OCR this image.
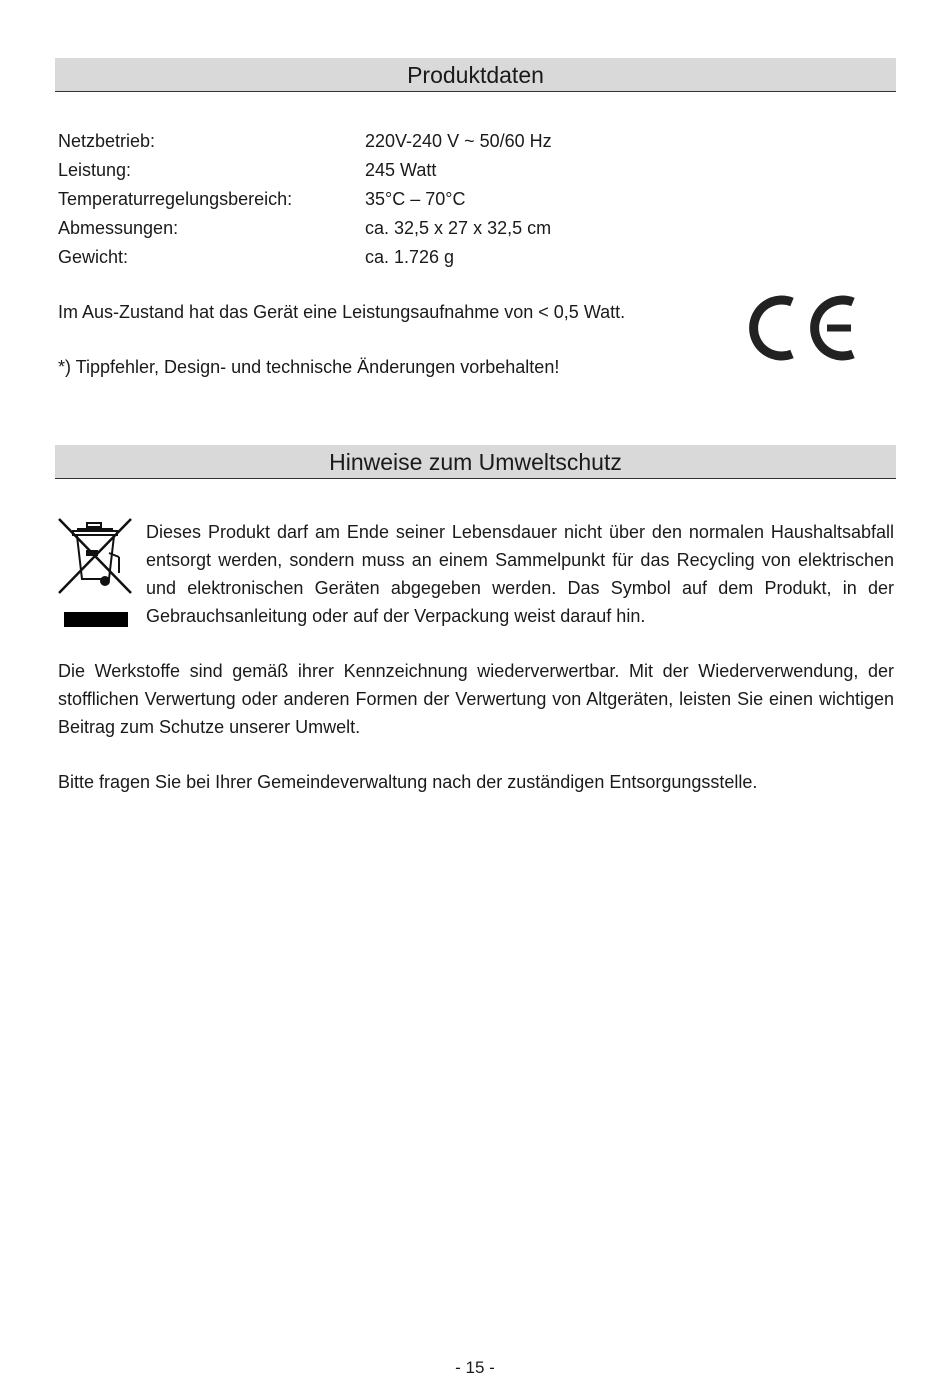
Produktdaten
Netzbetrieb:	220V-240 V ~ 50/60 Hz
Leistung:	245 Watt
Temperaturregelungsbereich:	35°C – 70°C
Abmessungen:	ca. 32,5 x 27 x 32,5 cm
Gewicht:	ca. 1.726 g
Im Aus-Zustand hat das Gerät eine Leistungsaufnahme von < 0,5 Watt.
*) Tippfehler, Design- und technische Änderungen vorbehalten!
Hinweise zum Umweltschutz
Dieses Produkt darf am Ende seiner Lebensdauer nicht über den normalen Haushaltsabfall entsorgt werden, sondern muss an einem Sammelpunkt für das Recycling von elektrischen und elektronischen Geräten abgegeben werden. Das Symbol auf dem Produkt, in der Gebrauchsanleitung oder auf der Verpackung weist darauf hin.
Die Werkstoffe sind gemäß ihrer Kennzeichnung wiederverwertbar. Mit der Wiederverwendung, der stofflichen Verwertung oder anderen Formen der Verwertung von Altgeräten, leisten Sie einen wichtigen Beitrag zum Schutze unserer Umwelt.
Bitte fragen Sie bei Ihrer Gemeindeverwaltung nach der zuständigen Entsorgungsstelle.
- 15 -
